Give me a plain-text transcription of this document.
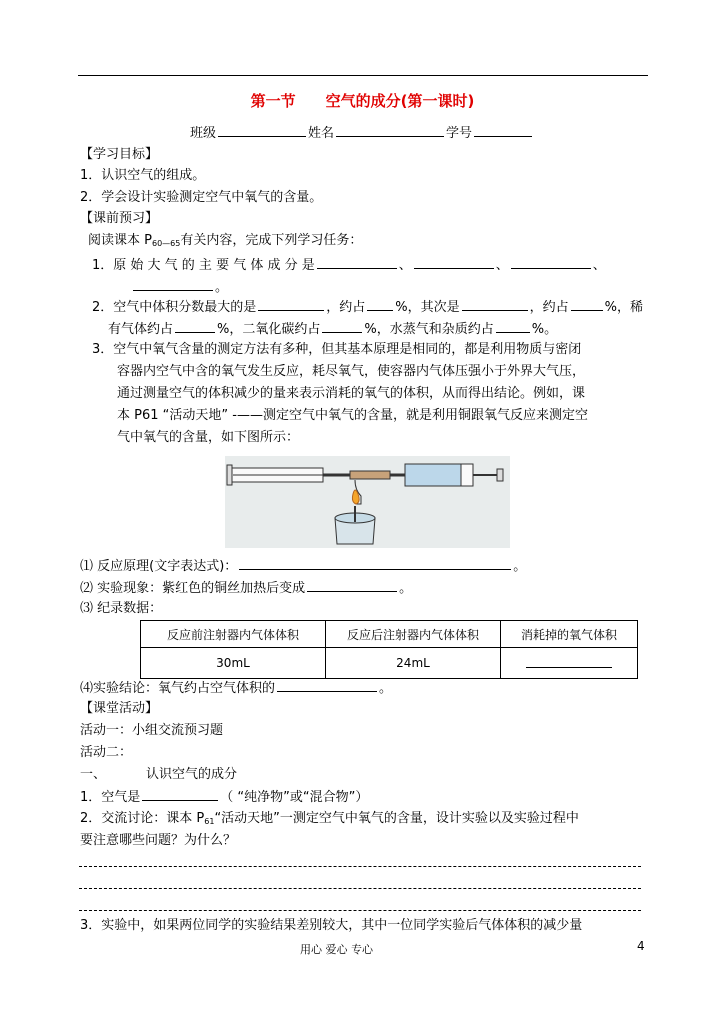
第一节 空气的成分(第一课时)
班级	姓名	学号
【学习目标】
1．认识空气的组成。
2．学会设计实验测定空气中氧气的含量。
【课前预习】
阅读课本 $P_{60—65}$有关内容，完成下列学习任务：
1．原 始 大 气 的 主 要 气 体 成 分 是	、	、	、
。
2．空气中体积分数最大的是	，约占 %，其次是	，约占	%，稀
有气体约占	%，二氧化碳约占	%，水蒸气和杂质约占	%。
3．空气中氧气含量的测定方法有多种，但其基本原理是相同的，都是利用物质与密闭
容器内空气中含的氧气发生反应，耗尽氧气，使容器内气体压强小于外界大气压，
通过测量空气的体积减少的量来表示消耗的氧气的体积，从而得出结论。例如，课
本 P61 “活动天地” -——测定空气中氧气的含量，就是利用铜跟氧气反应来测定空
气中氧气的含量，如下图所示：
⑴ 反应原理(文字表达式)：	。
⑵ 实验现象：紫红色的铜丝加热后变成	。
⑶ 纪录数据：
反应前注射器内气体体积	反应后注射器内气体体积	消耗掉的氧气体积
30mL	24mL	
⑷实验结论：氧气约占空气体积的	。
【课堂活动】
活动一：小组交流预习题
活动二：
一、	认识空气的成分
1．空气是	（ “纯净物”或“混合物”）
2．交流讨论：课本 $P_{61}“$活动天地”一测定空气中氧气的含量，设计实验以及实验过程中
要注意哪些问题？为什么？
3．实验中，如果两位同学的实验结果差别较大，其中一位同学实验后气体体积的减少量
用心 爱心 专心	4
